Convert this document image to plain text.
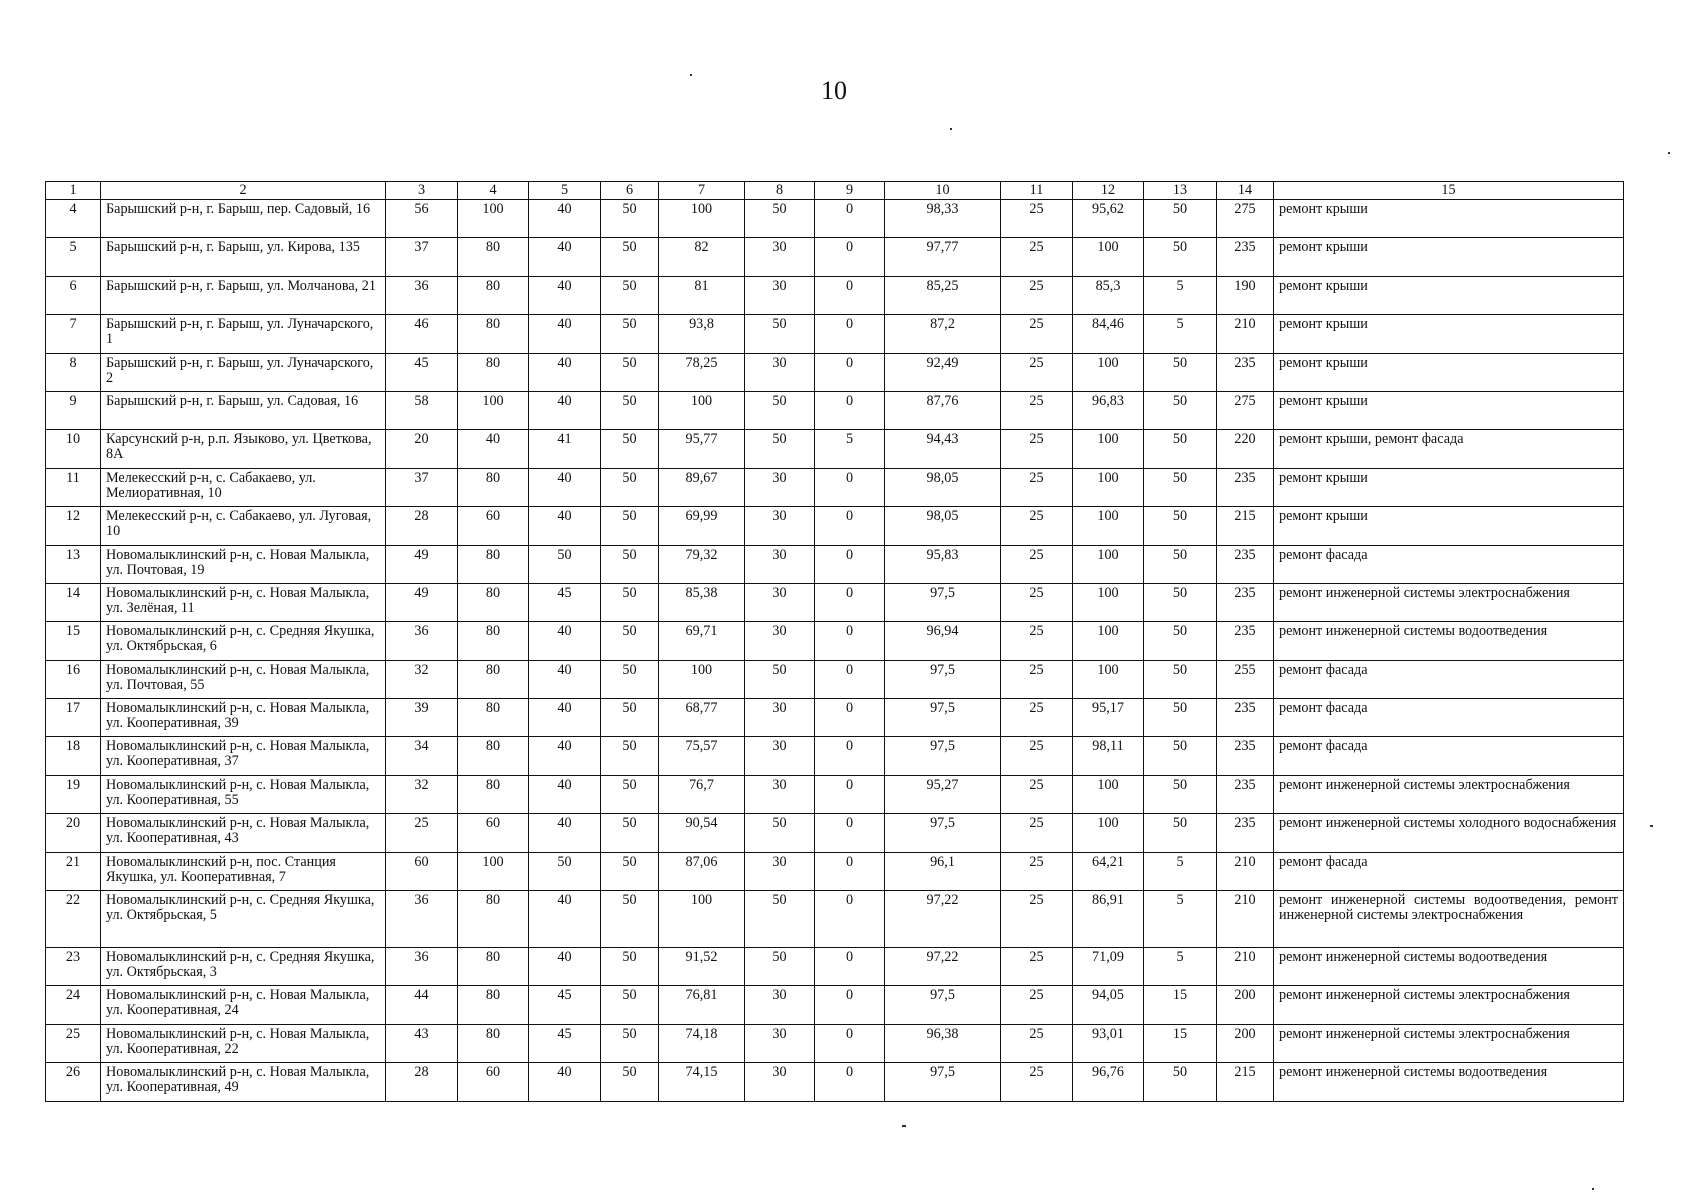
10
1	2	3	4	5	6	7	8	9	10	11	12	13	14	15
4	Барышский р-н, г. Барыш, пер. Садовый, 16	56	100	40	50	100	50	0	98,33	25	95,62	50	275	ремонт крыши
5	Барышский р-н, г. Барыш, ул. Кирова, 135	37	80	40	50	82	30	0	97,77	25	100	50	235	ремонт крыши
6	Барышский р-н, г. Барыш, ул. Молчанова, 21	36	80	40	50	81	30	0	85,25	25	85,3	5	190	ремонт крыши
7	Барышский р-н, г. Барыш, ул. Луначарского, 1	46	80	40	50	93,8	50	0	87,2	25	84,46	5	210	ремонт крыши
8	Барышский р-н, г. Барыш, ул. Луначарского, 2	45	80	40	50	78,25	30	0	92,49	25	100	50	235	ремонт крыши
9	Барышский р-н, г. Барыш, ул. Садовая, 16	58	100	40	50	100	50	0	87,76	25	96,83	50	275	ремонт крыши
10	Карсунский р-н, р.п. Языково, ул. Цветкова, 8А	20	40	41	50	95,77	50	5	94,43	25	100	50	220	ремонт крыши, ремонт фасада
11	Мелекесский р-н, с. Сабакаево, ул. Мелиоративная, 10	37	80	40	50	89,67	30	0	98,05	25	100	50	235	ремонт крыши
12	Мелекесский р-н, с. Сабакаево, ул. Луговая, 10	28	60	40	50	69,99	30	0	98,05	25	100	50	215	ремонт крыши
13	Новомалыклинский р-н, с. Новая Малыкла, ул. Почтовая, 19	49	80	50	50	79,32	30	0	95,83	25	100	50	235	ремонт фасада
14	Новомалыклинский р-н, с. Новая Малыкла, ул. Зелёная, 11	49	80	45	50	85,38	30	0	97,5	25	100	50	235	ремонт инженерной системы электроснабжения
15	Новомалыклинский р-н, с. Средняя Якушка, ул. Октябрьская, 6	36	80	40	50	69,71	30	0	96,94	25	100	50	235	ремонт инженерной системы водоотведения
16	Новомалыклинский р-н, с. Новая Малыкла, ул. Почтовая, 55	32	80	40	50	100	50	0	97,5	25	100	50	255	ремонт фасада
17	Новомалыклинский р-н, с. Новая Малыкла, ул. Кооперативная, 39	39	80	40	50	68,77	30	0	97,5	25	95,17	50	235	ремонт фасада
18	Новомалыклинский р-н, с. Новая Малыкла, ул. Кооперативная, 37	34	80	40	50	75,57	30	0	97,5	25	98,11	50	235	ремонт фасада
19	Новомалыклинский р-н, с. Новая Малыкла, ул. Кооперативная, 55	32	80	40	50	76,7	30	0	95,27	25	100	50	235	ремонт инженерной системы электроснабжения
20	Новомалыклинский р-н, с. Новая Малыкла, ул. Кооперативная, 43	25	60	40	50	90,54	50	0	97,5	25	100	50	235	ремонт инженерной системы холодного водоснабжения
21	Новомалыклинский р-н, пос. Станция Якушка, ул. Кооперативная, 7	60	100	50	50	87,06	30	0	96,1	25	64,21	5	210	ремонт фасада
22	Новомалыклинский р-н, с. Средняя Якушка, ул. Октябрьская, 5	36	80	40	50	100	50	0	97,22	25	86,91	5	210	ремонт инженерной системы водоотведения, ремонт инженерной системы электроснабжения
23	Новомалыклинский р-н, с. Средняя Якушка, ул. Октябрьская, 3	36	80	40	50	91,52	50	0	97,22	25	71,09	5	210	ремонт инженерной системы водоотведения
24	Новомалыклинский р-н, с. Новая Малыкла, ул. Кооперативная, 24	44	80	45	50	76,81	30	0	97,5	25	94,05	15	200	ремонт инженерной системы электроснабжения
25	Новомалыклинский р-н, с. Новая Малыкла, ул. Кооперативная, 22	43	80	45	50	74,18	30	0	96,38	25	93,01	15	200	ремонт инженерной системы электроснабжения
26	Новомалыклинский р-н, с. Новая Малыкла, ул. Кооперативная, 49	28	60	40	50	74,15	30	0	97,5	25	96,76	50	215	ремонт инженерной системы водоотведения
